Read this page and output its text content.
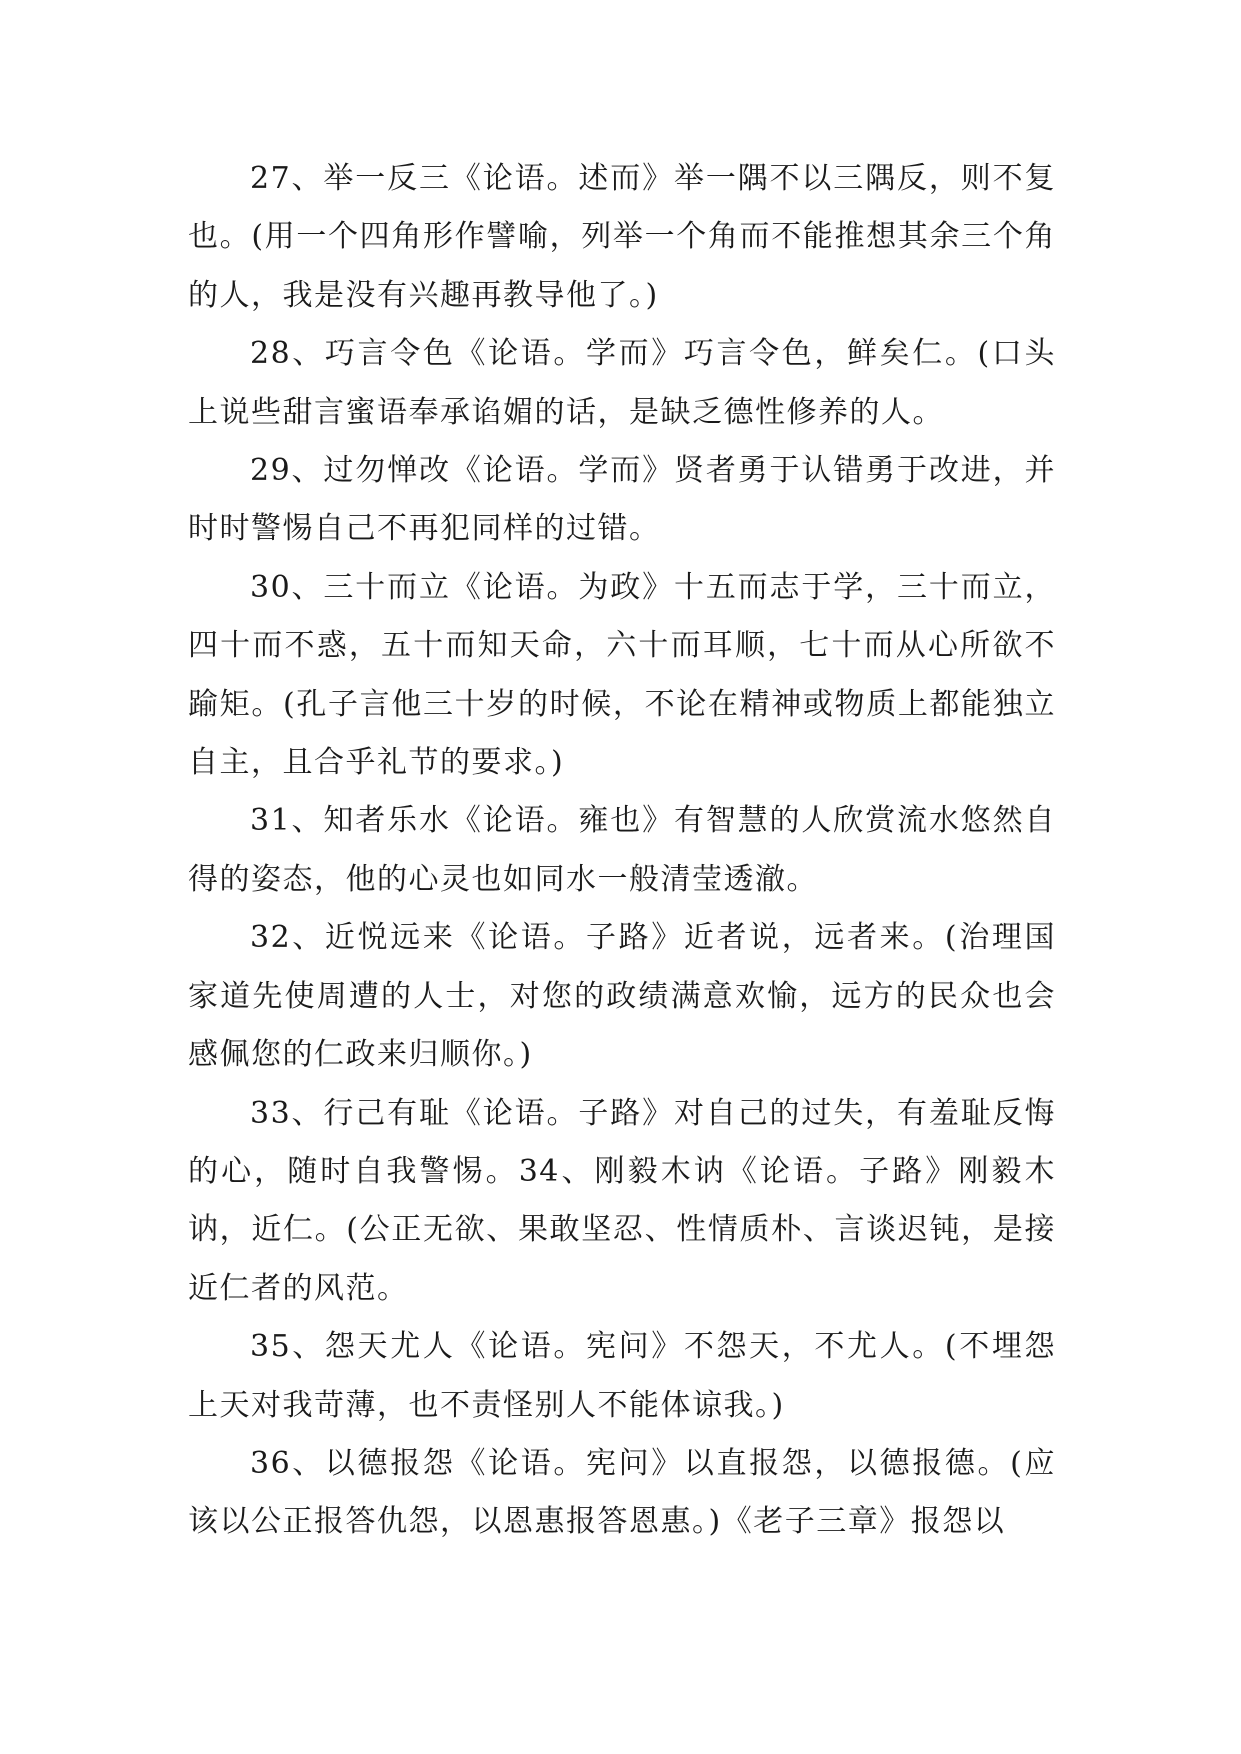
27、举一反三《论语。述而》举一隅不以三隅反，则不复也。(用一个四角形作譬喻，列举一个角而不能推想其余三个角的人，我是没有兴趣再教导他了。)

28、巧言令色《论语。学而》巧言令色，鲜矣仁。(口头上说些甜言蜜语奉承谄媚的话，是缺乏德性修养的人。

29、过勿惮改《论语。学而》贤者勇于认错勇于改进，并时时警惕自己不再犯同样的过错。

30、三十而立《论语。为政》十五而志于学，三十而立，四十而不惑，五十而知天命，六十而耳顺，七十而从心所欲不踰矩。(孔子言他三十岁的时候，不论在精神或物质上都能独立自主，且合乎礼节的要求。)

31、知者乐水《论语。雍也》有智慧的人欣赏流水悠然自得的姿态，他的心灵也如同水一般清莹透澈。

32、近悦远来《论语。子路》近者说，远者来。(治理国家道先使周遭的人士，对您的政绩满意欢愉，远方的民众也会感佩您的仁政来归顺你。)

33、行己有耻《论语。子路》对自己的过失，有羞耻反悔的心，随时自我警惕。34、刚毅木讷《论语。子路》刚毅木讷，近仁。(公正无欲、果敢坚忍、性情质朴、言谈迟钝，是接近仁者的风范。

35、怨天尤人《论语。宪问》不怨天，不尤人。(不埋怨上天对我苛薄，也不责怪别人不能体谅我。)

36、以德报怨《论语。宪问》以直报怨，以德报德。(应该以公正报答仇怨，以恩惠报答恩惠。)《老子三章》报怨以
